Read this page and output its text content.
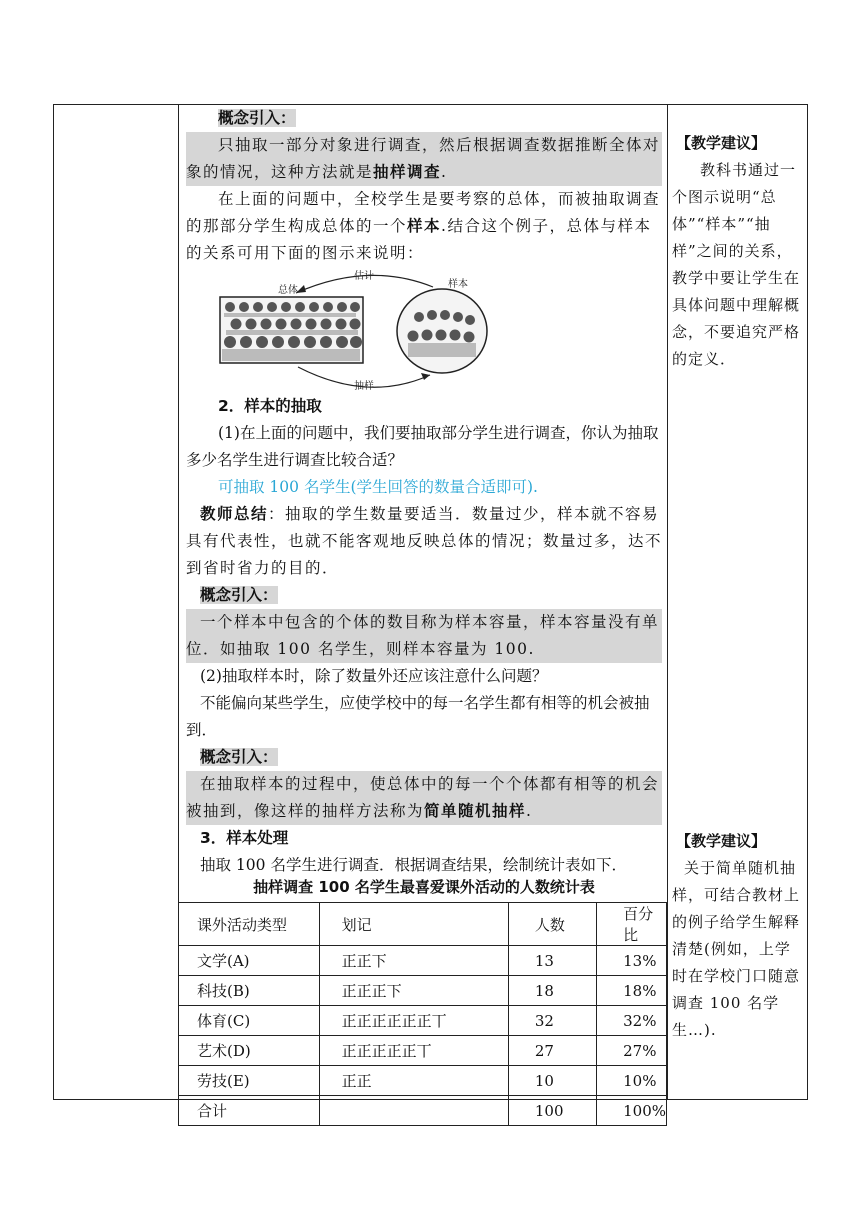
概念引入：

只抽取一部分对象进行调查，然后根据调查数据推断全体对象的情况，这种方法就是抽样调查.

在上面的问题中，全校学生是要考察的总体，而被抽取调查的那部分学生构成总体的一个样本.结合这个例子，总体与样本的关系可用下面的图示来说明：

总体
估计
样本
抽样

2．样本的抽取

(1)在上面的问题中，我们要抽取部分学生进行调查，你认为抽取多少名学生进行调查比较合适？

可抽取 100 名学生(学生回答的数量合适即可).

教师总结：抽取的学生数量要适当．数量过少，样本就不容易具有代表性，也就不能客观地反映总体的情况；数量过多，达不到省时省力的目的．

概念引入：

一个样本中包含的个体的数目称为样本容量，样本容量没有单位．如抽取 100 名学生，则样本容量为 100.

(2)抽取样本时，除了数量外还应该注意什么问题？

不能偏向某些学生，应使学校中的每一名学生都有相等的机会被抽到．

概念引入：

在抽取样本的过程中，使总体中的每一个个体都有相等的机会被抽到，像这样的抽样方法称为简单随机抽样.

3．样本处理

抽取 100 名学生进行调查．根据调查结果，绘制统计表如下．

抽样调查 100 名学生最喜爱课外活动的人数统计表
课外活动类型	划记	人数	百分比
文学(A)	正正下	13	13%
科技(B)	正正正下	18	18%
体育(C)	正正正正正正丅	32	32%
艺术(D)	正正正正正丅	27	27%
劳技(E)	正正	10	10%
合计		100	100%

【教学建议】

教科书通过一个图示说明“总体”“样本”“抽样”之间的关系，教学中要让学生在具体问题中理解概念，不要追究严格的定义．

【教学建议】

关于简单随机抽样，可结合教材上的例子给学生解释清楚(例如，上学时在学校门口随意调查 100 名学生…).
